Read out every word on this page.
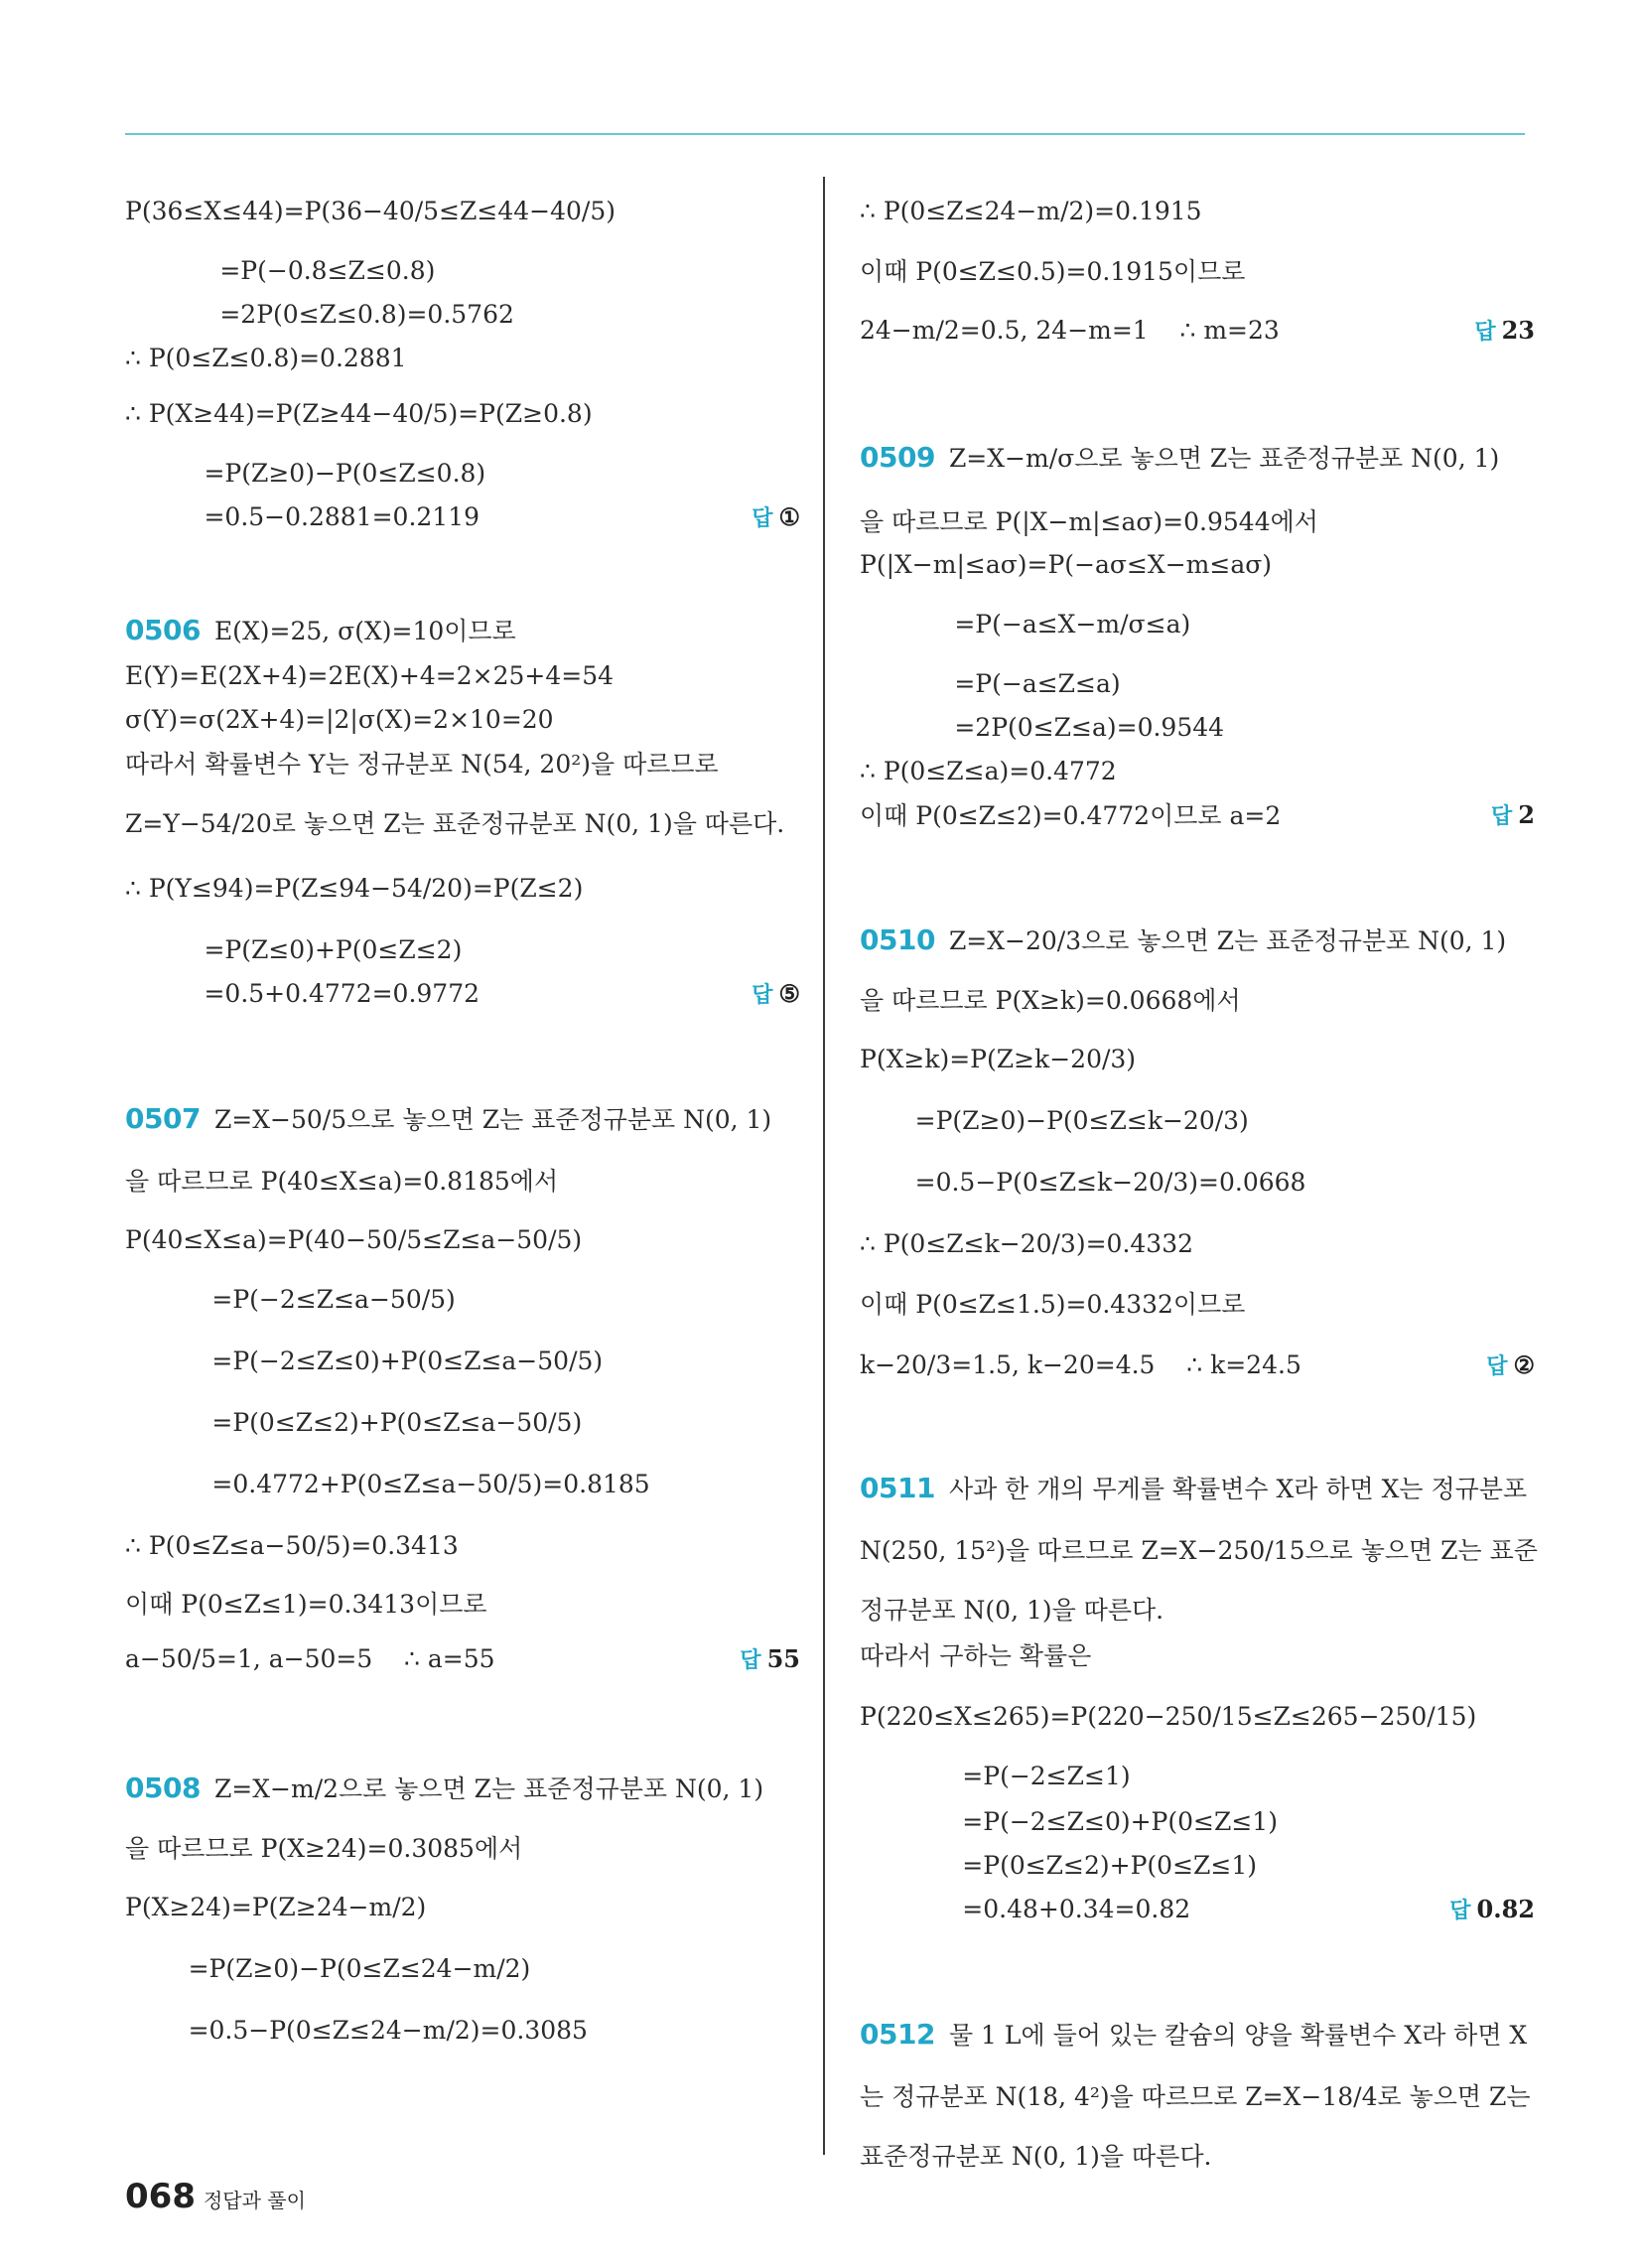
P(36≤X≤44)=P(36−40/5≤Z≤44−40/5)
=P(−0.8≤Z≤0.8)
=2P(0≤Z≤0.8)=0.5762
∴ P(0≤Z≤0.8)=0.2881
∴ P(X≥44)=P(Z≥44−40/5)=P(Z≥0.8)
=P(Z≥0)−P(0≤Z≤0.8)
=0.5−0.2881=0.2119	답 ①
0506 E(X)=25, σ(X)=10이므로
E(Y)=E(2X+4)=2E(X)+4=2×25+4=54
σ(Y)=σ(2X+4)=|2|σ(X)=2×10=20
따라서 확률변수 Y는 정규분포 N(54, 20²)을 따르므로
Z=Y−54/20로 놓으면 Z는 표준정규분포 N(0, 1)을 따른다.
∴ P(Y≤94)=P(Z≤94−54/20)=P(Z≤2)
=P(Z≤0)+P(0≤Z≤2)
=0.5+0.4772=0.9772	답 ⑤
0507 Z=X−50/5으로 놓으면 Z는 표준정규분포 N(0, 1)
을 따르므로 P(40≤X≤a)=0.8185에서
P(40≤X≤a)=P(40−50/5≤Z≤a−50/5)
=P(−2≤Z≤a−50/5)
=P(−2≤Z≤0)+P(0≤Z≤a−50/5)
=P(0≤Z≤2)+P(0≤Z≤a−50/5)
=0.4772+P(0≤Z≤a−50/5)=0.8185
∴ P(0≤Z≤a−50/5)=0.3413
이때 P(0≤Z≤1)=0.3413이므로
a−50/5=1, a−50=5    ∴ a=55	답 55
0508 Z=X−m/2으로 놓으면 Z는 표준정규분포 N(0, 1)
을 따르므로 P(X≥24)=0.3085에서
P(X≥24)=P(Z≥24−m/2)
=P(Z≥0)−P(0≤Z≤24−m/2)
=0.5−P(0≤Z≤24−m/2)=0.3085
∴ P(0≤Z≤24−m/2)=0.1915
이때 P(0≤Z≤0.5)=0.1915이므로
24−m/2=0.5, 24−m=1    ∴ m=23	답 23
0509 Z=X−m/σ으로 놓으면 Z는 표준정규분포 N(0, 1)
을 따르므로 P(|X−m|≤aσ)=0.9544에서
P(|X−m|≤aσ)=P(−aσ≤X−m≤aσ)
=P(−a≤X−m/σ≤a)
=P(−a≤Z≤a)
=2P(0≤Z≤a)=0.9544
∴ P(0≤Z≤a)=0.4772
이때 P(0≤Z≤2)=0.4772이므로 a=2	답 2
0510 Z=X−20/3으로 놓으면 Z는 표준정규분포 N(0, 1)
을 따르므로 P(X≥k)=0.0668에서
P(X≥k)=P(Z≥k−20/3)
=P(Z≥0)−P(0≤Z≤k−20/3)
=0.5−P(0≤Z≤k−20/3)=0.0668
∴ P(0≤Z≤k−20/3)=0.4332
이때 P(0≤Z≤1.5)=0.4332이므로
k−20/3=1.5, k−20=4.5    ∴ k=24.5	답 ②
0511 사과 한 개의 무게를 확률변수 X라 하면 X는 정규분포
N(250, 15²)을 따르므로 Z=X−250/15으로 놓으면 Z는 표준
정규분포 N(0, 1)을 따른다.
따라서 구하는 확률은
P(220≤X≤265)=P(220−250/15≤Z≤265−250/15)
=P(−2≤Z≤1)
=P(−2≤Z≤0)+P(0≤Z≤1)
=P(0≤Z≤2)+P(0≤Z≤1)
=0.48+0.34=0.82	답 0.82
0512 물 1 L에 들어 있는 칼슘의 양을 확률변수 X라 하면 X
는 정규분포 N(18, 4²)을 따르므로 Z=X−18/4로 놓으면 Z는
표준정규분포 N(0, 1)을 따른다.
068 정답과 풀이
